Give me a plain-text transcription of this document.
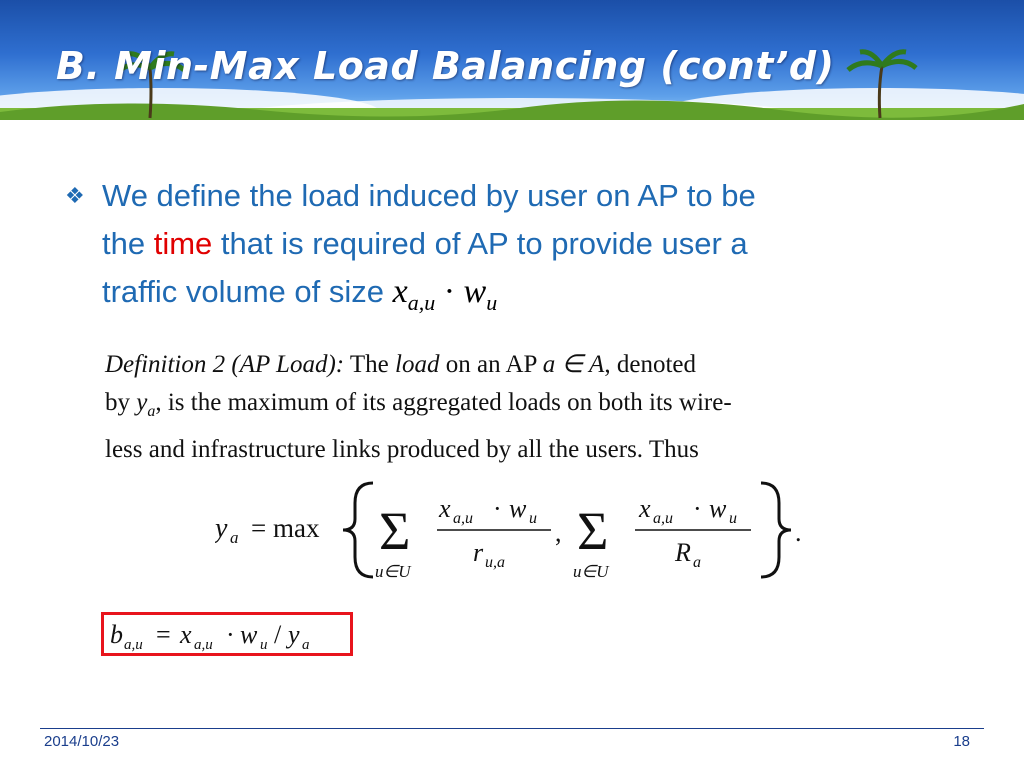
B. Min-Max Load Balancing (cont’d)
❖ We define the load induced by user on AP to be
the time that is required of AP to provide user a
traffic volume of size $x_{a,u} \cdot w_u$
Definition 2 (AP Load): The load on an AP a ∈ A, denoted
by $y_a$, is the maximum of its aggregated loads on both its wire-
less and infrastructure links produced by all the users. Thus
y a = max Σ
u∈U
x a,u · w u
r u,a
, Σ
u∈U
x a,u · w u
R a
.
b a,u = x a,u · w u / y a
2014/10/23	18
